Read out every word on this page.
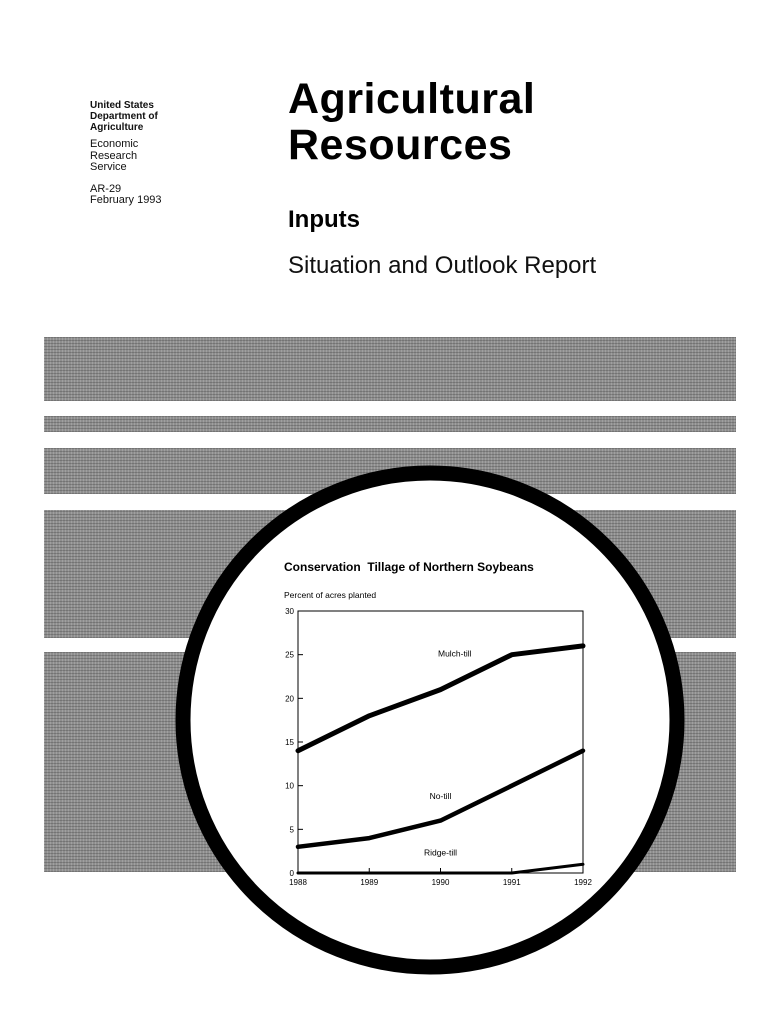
United States
Department of
Agriculture
Economic
Research
Service
AR-29
February 1993
Agricultural
Resources
Inputs
Situation and Outlook Report
Conservation  Tillage of Northern Soybeans
Percent of acres planted
0
5
10
15
20
25
30
1988	1989	1990	1991	1992
Mulch-till
No-till
Ridge-till
